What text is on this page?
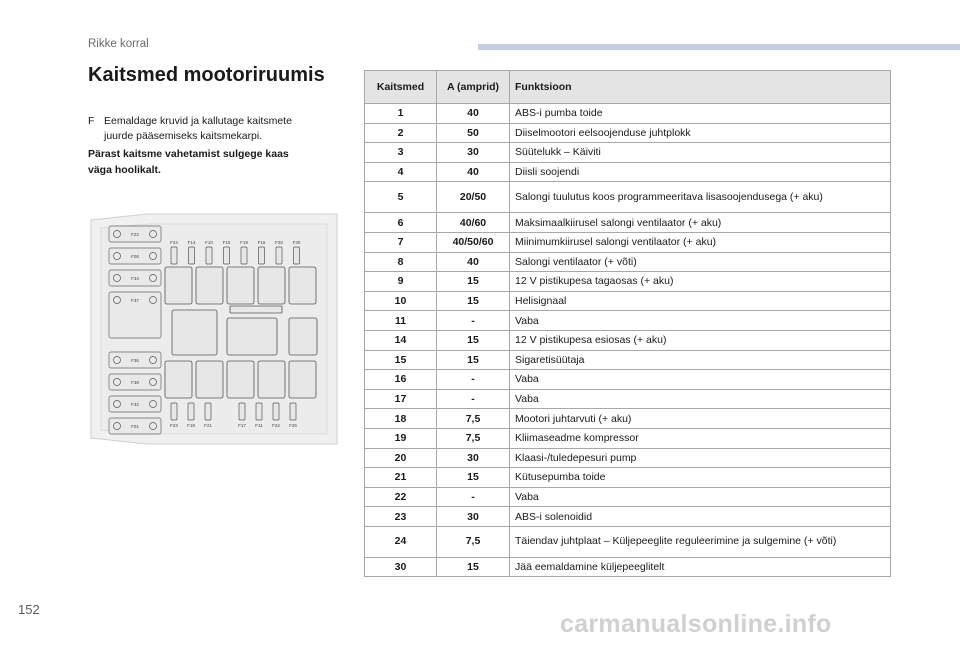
Rikke korral
Kaitsmed mootoriruumis
F Eemaldage kruvid ja kallutage kaitsmete
juurde pääsemiseks kaitsmekarpi.
Pärast kaitsme vahetamist sulgege kaas
väga hoolikalt.
F22
F08
F34
F37
F36
F38
F32
F01
F24 F14 F10 F15 F19 F16 F20 F30
F23 F18 F21	F17 F11 F22 F26
Kaitsmed	A (amprid)	Funktsioon
1	40	ABS-i pumba toide
2	50	Diiselmootori eelsoojenduse juhtplokk
3	30	Süütelukk – Käiviti
4	40	Diisli soojendi
5	20/50	Salongi tuulutus koos programmeeritava lisasoojendusega (+ aku)
6	40/60	Maksimaalkiirusel salongi ventilaator (+ aku)
7	40/50/60	Miinimumkiirusel salongi ventilaator (+ aku)
8	40	Salongi ventilaator (+ võti)
9	15	12 V pistikupesa tagaosas (+ aku)
10	15	Helisignaal
11	-	Vaba
14	15	12 V pistikupesa esiosas (+ aku)
15	15	Sigaretisüütaja
16	-	Vaba
17	-	Vaba
18	7,5	Mootori juhtarvuti (+ aku)
19	7,5	Kliimaseadme kompressor
20	30	Klaasi-/tuledepesuri pump
21	15	Kütusepumba toide
22	-	Vaba
23	30	ABS-i solenoidid
24	7,5	Täiendav juhtplaat – Küljepeeglite reguleerimine ja sulgemine (+ võti)
30	15	Jää eemaldamine küljepeeglitelt
152
carmanualsonline.info
